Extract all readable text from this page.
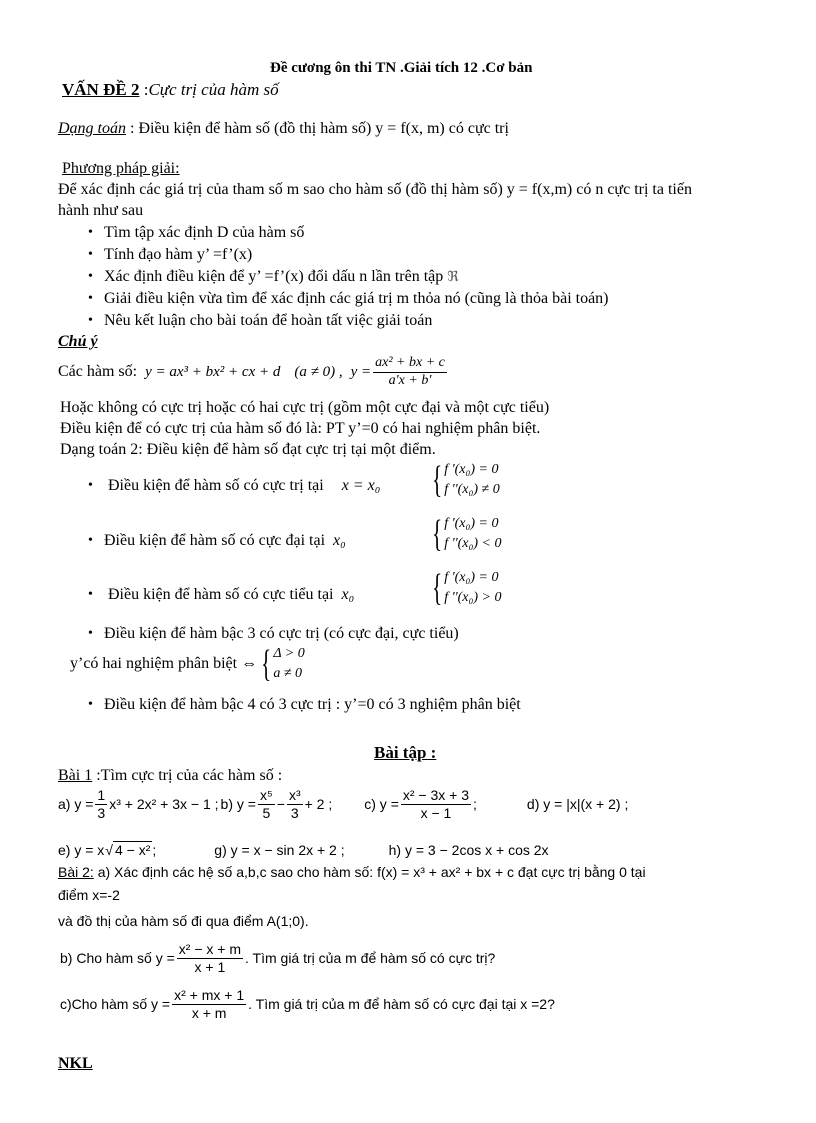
Đề cương ôn thi TN .Giải tích 12 .Cơ bản
VẤN ĐỀ 2 :Cực trị của hàm số
Dạng toán : Điều kiện để hàm số (đồ thị hàm số) y = f(x, m) có cực trị
Phương pháp giải:
Để xác định các giá trị của tham số m sao cho hàm số (đồ thị hàm số) y = f(x,m) có n cực trị ta tiến
hành như sau
• Tìm tập xác định D của hàm số
• Tính đạo hàm y’ =f’(x)
• Xác định điều kiện để y’ =f’(x) đổi dấu n lần trên tập ℜ
• Giải điều kiện vừa tìm để xác định các giá trị m thỏa nó (cũng là thỏa bài toán)
• Nêu kết luận cho bài toán để hoàn tất việc giải toán
Chú ý
Các hàm số: y = ax³ + bx² + cx + d (a ≠ 0) , $y = \frac{\text{ax² + bx + c}}{a'x + b'}$
Hoặc không có cực trị hoặc có hai cực trị (gồm một cực đại và một cực tiểu)
Điều kiện để có cực trị của hàm số đó là: PT y’=0 có hai nghiệm phân biệt.
Dạng toán 2: Điều kiện để hàm số đạt cực trị tại một điểm.
• Điều kiện để hàm số có cực trị tại x = x₀ { f '(x₀) = 0
f ''(x₀) ≠ 0
• Điều kiện để hàm số có cực đại tại x₀ { f '(x₀) = 0
f ''(x₀) < 0
• Điều kiện để hàm số có cực tiểu tại x₀ { f '(x₀) = 0
f ''(x₀) > 0
• Điều kiện để hàm bậc 3 có cực trị (có cực đại, cực tiểu)
y’có hai nghiệm phân biệt ⇔ { Δ > 0
a ≠ 0
• Điều kiện để hàm bậc 4 có 3 cực trị : y’=0 có 3 nghiệm phân biệt
Bài tập :
Bài 1 :Tìm cực trị của các hàm số :
a) $y = \frac{1}{3} x^3 + 2x^2 + 3x - 1$ ; b) $y = \frac{\text{x⁵}}{5} - \frac{\text{x³}}{3} + 2$ ; c) $y = \frac{\text{x² − 3x + 3}}{x - 1}$ ;	d) y = |x|(x + 2) ;
e) y = x √ 4 − x² ;	g) y = x − sin 2x + 2 ;	h) y = 3 − 2cos x + cos 2x
Bài 2: a) Xác định các hệ số a,b,c sao cho hàm số: f(x) = x³ + ax² + bx + c đạt cực trị bằng 0 tại
điểm x=-2
và đồ thị của hàm số đi qua điểm A(1;0).
b) Cho hàm số $y = \frac{\text{x² − x + m}}{x + 1}$ . Tìm giá trị của m để hàm số có cực trị?
c)Cho hàm số $y = \frac{\text{x² + mx + 1}}{x + m}$ . Tìm giá trị của m để hàm số có cực đại tại x =2?
NKL
